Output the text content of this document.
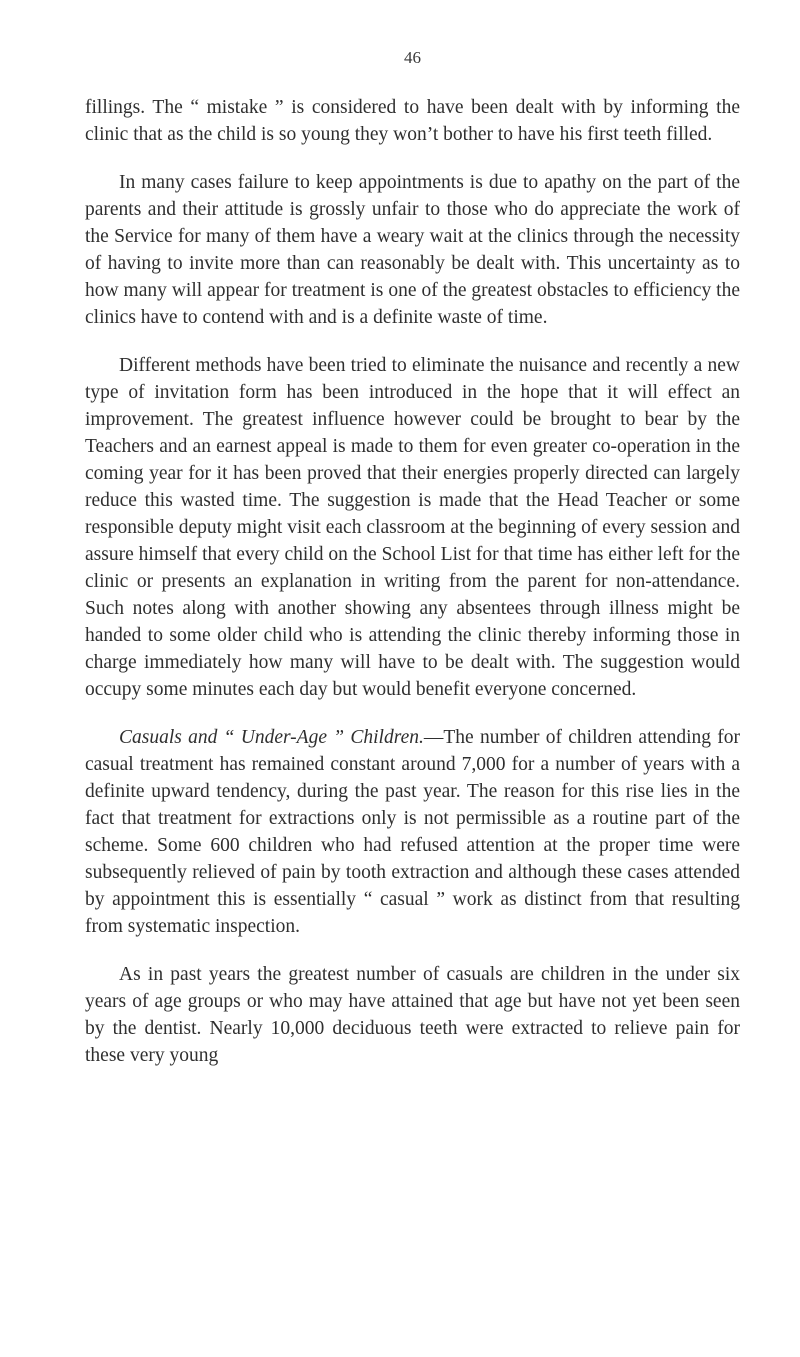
46

fillings. The “ mistake ” is considered to have been dealt with by informing the clinic that as the child is so young they won’t bother to have his first teeth filled.

In many cases failure to keep appointments is due to apathy on the part of the parents and their attitude is grossly unfair to those who do appreciate the work of the Service for many of them have a weary wait at the clinics through the necessity of having to invite more than can reasonably be dealt with. This uncertainty as to how many will appear for treatment is one of the greatest obstacles to efficiency the clinics have to contend with and is a definite waste of time.

Different methods have been tried to eliminate the nuisance and recently a new type of invitation form has been introduced in the hope that it will effect an improvement. The greatest influence however could be brought to bear by the Teachers and an earnest appeal is made to them for even greater co-operation in the coming year for it has been proved that their energies properly directed can largely reduce this wasted time. The suggestion is made that the Head Teacher or some responsible deputy might visit each classroom at the beginning of every session and assure himself that every child on the School List for that time has either left for the clinic or presents an explanation in writing from the parent for non-attendance. Such notes along with another showing any absentees through illness might be handed to some older child who is attending the clinic thereby informing those in charge immediately how many will have to be dealt with. The suggestion would occupy some minutes each day but would benefit everyone concerned.

Casuals and “ Under-Age ” Children.—The number of children attending for casual treatment has remained constant around 7,000 for a number of years with a definite upward tendency, during the past year. The reason for this rise lies in the fact that treatment for extractions only is not permissible as a routine part of the scheme. Some 600 children who had refused attention at the proper time were subsequently relieved of pain by tooth extraction and although these cases attended by appointment this is essentially “ casual ” work as distinct from that resulting from systematic inspection.

As in past years the greatest number of casuals are children in the under six years of age groups or who may have attained that age but have not yet been seen by the dentist. Nearly 10,000 deciduous teeth were extracted to relieve pain for these very young
